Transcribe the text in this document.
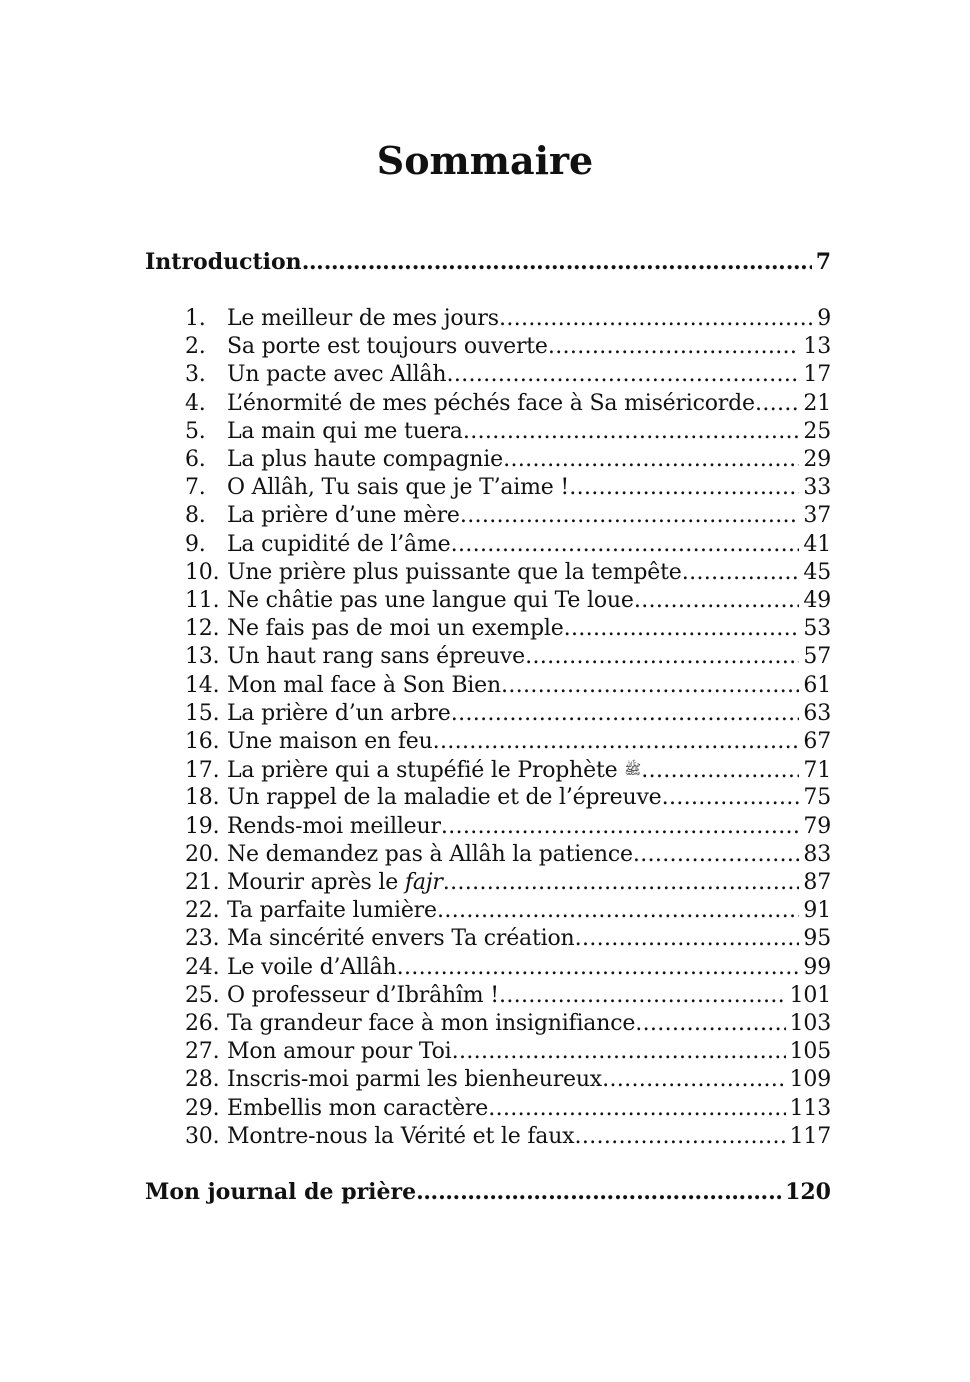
Sommaire
Introduction ………………………………………………………………………………………………………………………………………………………………	7
1. Le meilleur de mes jours ………………………………………………………………………………………………………………………………………………………………	9
2. Sa porte est toujours ouverte ………………………………………………………………………………………………………………………………………………………………	13
3. Un pacte avec Allâh ………………………………………………………………………………………………………………………………………………………………	17
4. L’énormité de mes péchés face à Sa miséricorde ……………………………………………………………………………………………………………………………………………………………… 21
5. La main qui me tuera ………………………………………………………………………………………………………………………………………………………………	25
6. La plus haute compagnie ………………………………………………………………………………………………………………………………………………………………	29
7. O Allâh, Tu sais que je T’aime ! ………………………………………………………………………………………………………………………………………………………………	33
8. La prière d’une mère ………………………………………………………………………………………………………………………………………………………………	37
9. La cupidité de l’âme ………………………………………………………………………………………………………………………………………………………………	41
10. Une prière plus puissante que la tempête ………………………………………………………………………………………………………………………………………………………………	45
11. Ne châtie pas une langue qui Te loue ………………………………………………………………………………………………………………………………………………………………	49
12. Ne fais pas de moi un exemple ………………………………………………………………………………………………………………………………………………………………	53
13. Un haut rang sans épreuve ………………………………………………………………………………………………………………………………………………………………	57
14. Mon mal face à Son Bien ………………………………………………………………………………………………………………………………………………………………	61
15. La prière d’un arbre ………………………………………………………………………………………………………………………………………………………………	63
16. Une maison en feu ………………………………………………………………………………………………………………………………………………………………	67
17. La prière qui a stupéfié le Prophète ﷺ ………………………………………………………………………………………………………………………………………………………………	71
18. Un rappel de la maladie et de l’épreuve ………………………………………………………………………………………………………………………………………………………………	75
19. Rends-moi meilleur ………………………………………………………………………………………………………………………………………………………………	79
20. Ne demandez pas à Allâh la patience ………………………………………………………………………………………………………………………………………………………………	83
21. Mourir après le fajr ………………………………………………………………………………………………………………………………………………………………	87
22. Ta parfaite lumière ………………………………………………………………………………………………………………………………………………………………	91
23. Ma sincérité envers Ta création ………………………………………………………………………………………………………………………………………………………………	95
24. Le voile d’Allâh ………………………………………………………………………………………………………………………………………………………………	99
25. O professeur d’Ibrâhîm ! ………………………………………………………………………………………………………………………………………………………………	101
26. Ta grandeur face à mon insignifiance ………………………………………………………………………………………………………………………………………………………………	103
27. Mon amour pour Toi ………………………………………………………………………………………………………………………………………………………………	105
28. Inscris-moi parmi les bienheureux ………………………………………………………………………………………………………………………………………………………………	109
29. Embellis mon caractère ………………………………………………………………………………………………………………………………………………………………	113
30. Montre-nous la Vérité et le faux ………………………………………………………………………………………………………………………………………………………………	117
Mon journal de prière ………………………………………………………………………………………………………………………………………………………………	120
